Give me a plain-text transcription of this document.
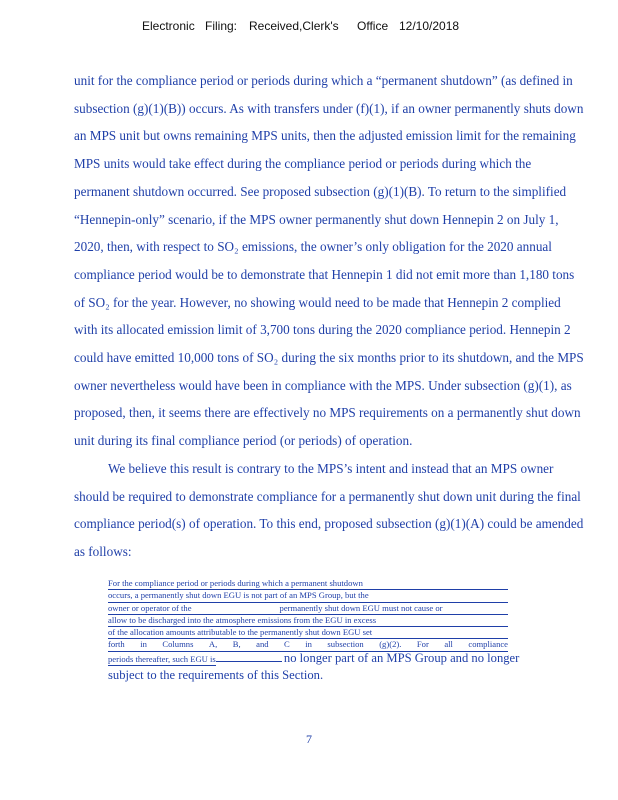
Electronic Filing: Received,Clerk's Office 12/10/2018
unit for the compliance period or periods during which a “permanent shutdown” (as defined in
subsection (g)(1)(B)) occurs. As with transfers under (f)(1), if an owner permanently shuts down
an MPS unit but owns remaining MPS units, then the adjusted emission limit for the remaining
MPS units would take effect during the compliance period or periods during which the
permanent shutdown occurred. See proposed subsection (g)(1)(B). To return to the simplified
“Hennepin-only” scenario, if the MPS owner permanently shut down Hennepin 2 on July 1,
2020, then, with respect to SO₂ emissions, the owner’s only obligation for the 2020 annual
compliance period would be to demonstrate that Hennepin 1 did not emit more than 1,180 tons
of SO₂ for the year. However, no showing would need to be made that Hennepin 2 complied
with its allocated emission limit of 3,700 tons during the 2020 compliance period. Hennepin 2
could have emitted 10,000 tons of SO₂ during the six months prior to its shutdown, and the MPS
owner nevertheless would have been in compliance with the MPS. Under subsection (g)(1), as
proposed, then, it seems there are effectively no MPS requirements on a permanently shut down
unit during its final compliance period (or periods) of operation.
We believe this result is contrary to the MPS’s intent and instead that an MPS owner
should be required to demonstrate compliance for a permanently shut down unit during the final
compliance period(s) of operation. To this end, proposed subsection (g)(1)(A) could be amended
as follows:
For the compliance period or periods during which a permanent shutdown
occurs, a permanently shut down EGU is not part of an MPS Group, but the
owner or operator of the	permanently shut down EGU must not cause or
allow to be discharged into the atmosphere emissions from the EGU in excess
of the allocation amounts attributable to the permanently shut down EGU set
forth in Columns A, B, and C in subsection (g)(2). For all compliance
periods thereafter, such EGU is	no longer part of an MPS Group and no longer
subject to the requirements of this Section.
7
